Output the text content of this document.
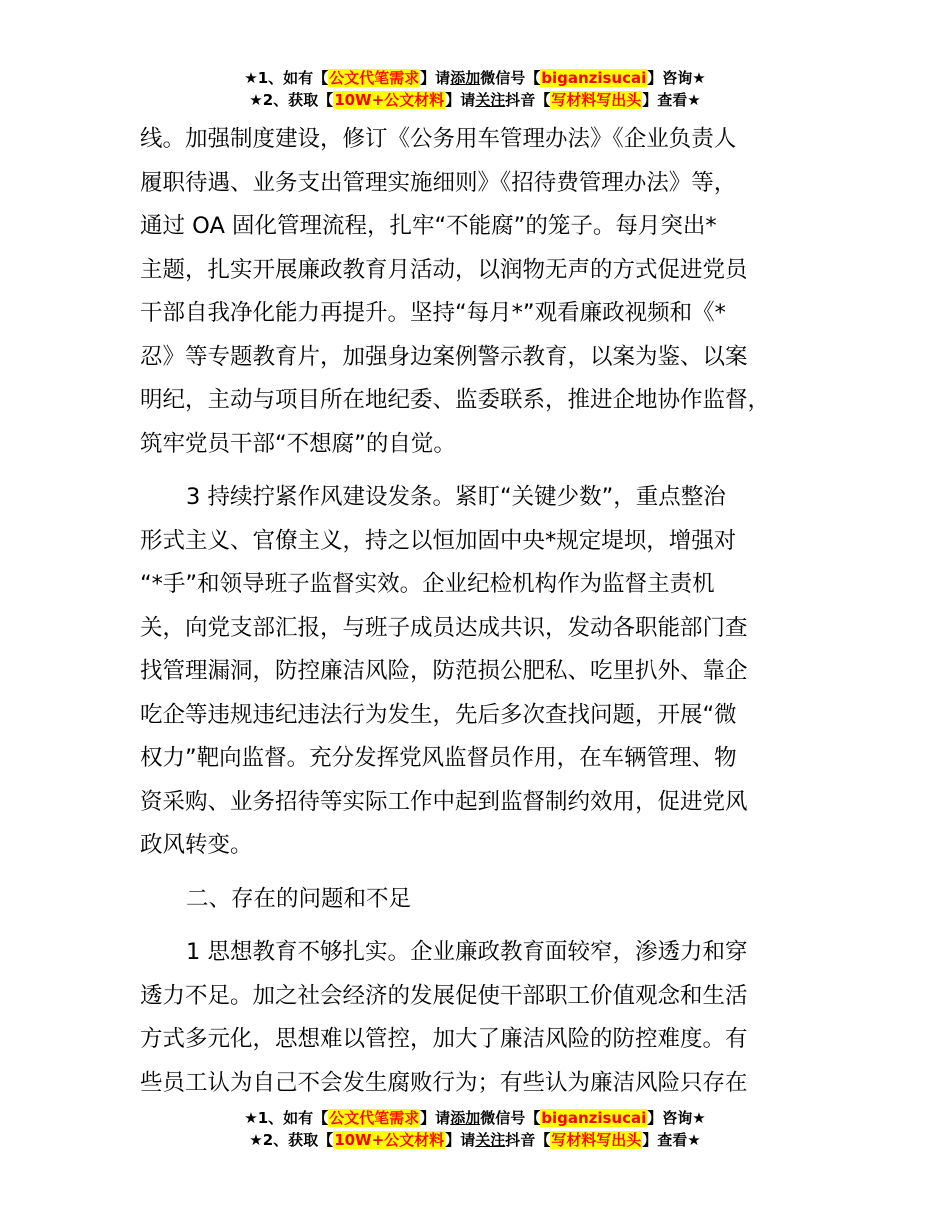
★1、如有【公文代笔需求】请添加微信号【biganzisucai】咨询★
★2、获取【10W+公文材料】请关注抖音【写材料写出头】查看★
线。加强制度建设，修订《公务用车管理办法》《企业负责人
履职待遇、业务支出管理实施细则》《招待费管理办法》等，
通过 OA 固化管理流程，扎牢“不能腐”的笼子。每月突出*
主题，扎实开展廉政教育月活动，以润物无声的方式促进党员
干部自我净化能力再提升。坚持“每月*”观看廉政视频和《*
忍》等专题教育片，加强身边案例警示教育，以案为鉴、以案
明纪，主动与项目所在地纪委、监委联系，推进企地协作监督，
筑牢党员干部“不想腐”的自觉。
3 持续拧紧作风建设发条。紧盯“关键少数”，重点整治
形式主义、官僚主义，持之以恒加固中央*规定堤坝，增强对
“*手”和领导班子监督实效。企业纪检机构作为监督主责机
关，向党支部汇报，与班子成员达成共识，发动各职能部门查
找管理漏洞，防控廉洁风险，防范损公肥私、吃里扒外、靠企
吃企等违规违纪违法行为发生，先后多次查找问题，开展“微
权力”靶向监督。充分发挥党风监督员作用，在车辆管理、物
资采购、业务招待等实际工作中起到监督制约效用，促进党风
政风转变。
二、存在的问题和不足
1 思想教育不够扎实。企业廉政教育面较窄，渗透力和穿
透力不足。加之社会经济的发展促使干部职工价值观念和生活
方式多元化，思想难以管控，加大了廉洁风险的防控难度。有
些员工认为自己不会发生腐败行为；有些认为廉洁风险只存在
★1、如有【公文代笔需求】请添加微信号【biganzisucai】咨询★
★2、获取【10W+公文材料】请关注抖音【写材料写出头】查看★
